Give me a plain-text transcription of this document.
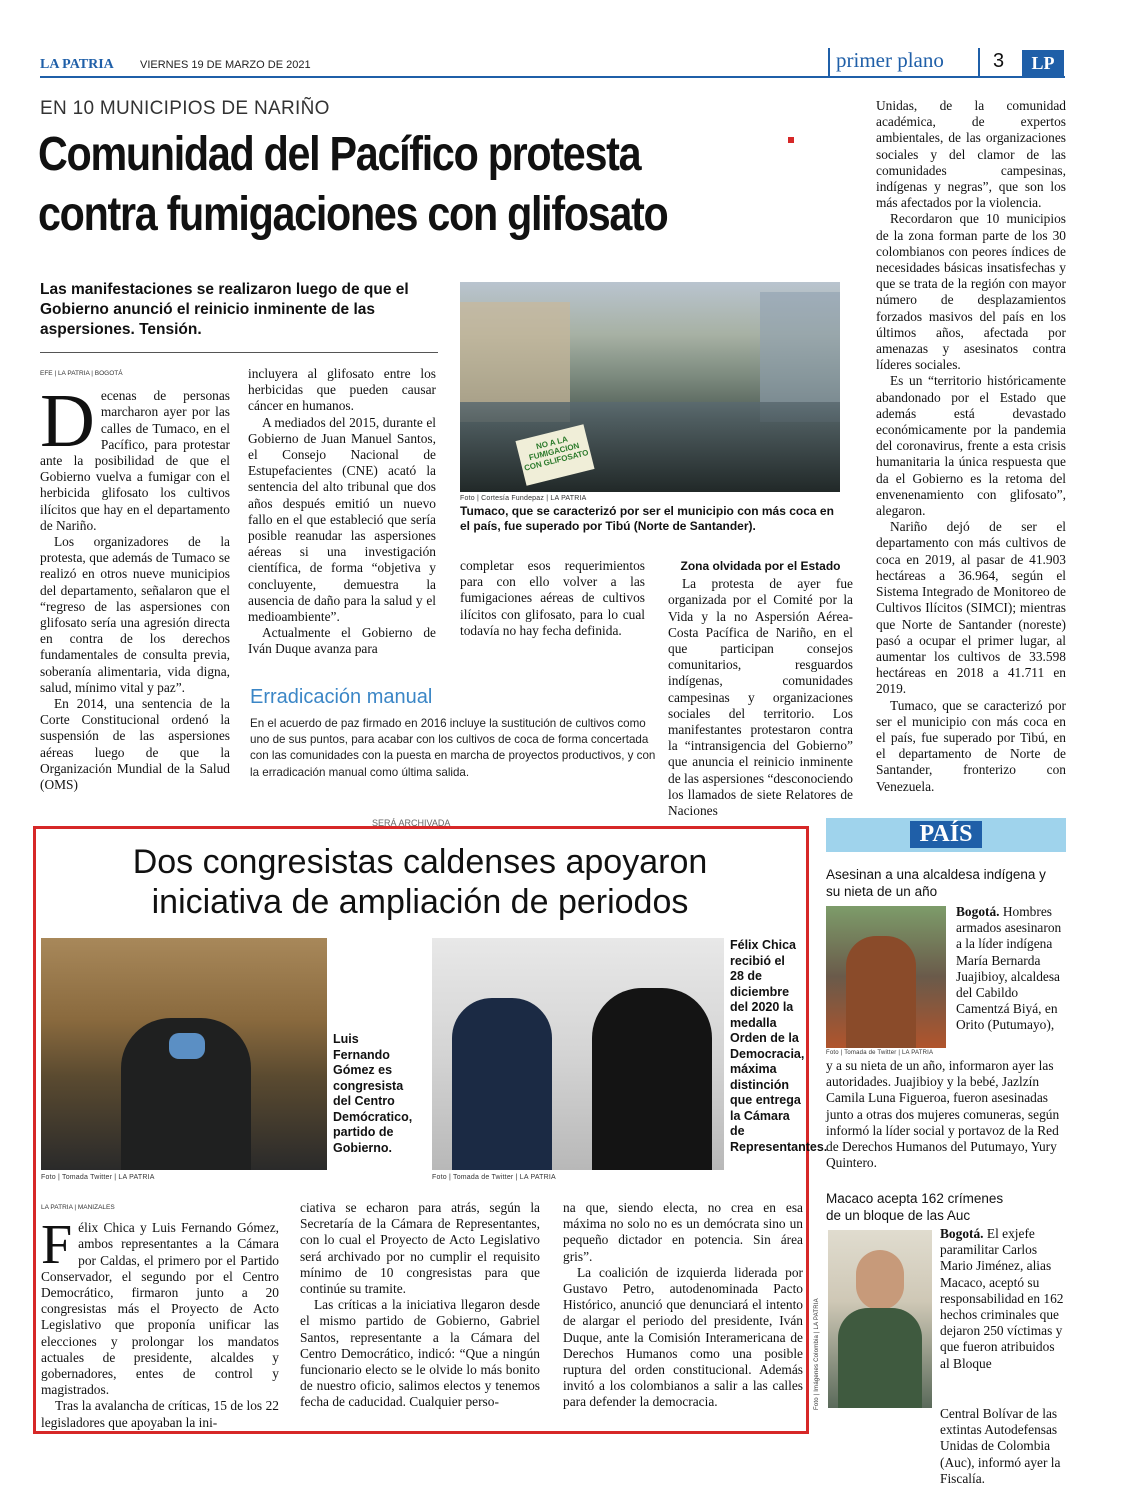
LA PATRIA VIERNES 19 DE MARZO DE 2021	primer plano 3	LP
EN 10 MUNICIPIOS DE NARIÑO
Comunidad del Pacífico protesta
contra fumigaciones con glifosato
Las manifestaciones se realizaron luego de que el Gobierno anunció el reinicio inminente de las aspersiones. Tensión.
EFE | LA PATRIA | BOGOTÁ
D ecenas de personas marcharon ayer por las calles de Tumaco, en el Pacífico, para protestar ante la posibilidad de que el Gobierno vuelva a fumigar con el herbicida glifosato los cultivos ilícitos que hay en el departamento de Nariño.

Los organizadores de la protesta, que además de Tumaco se realizó en otros nueve municipios del departamento, señalaron que el “regreso de las aspersiones con glifosato sería una agresión directa en contra de los derechos fundamentales de consulta previa, soberanía alimentaria, vida digna, salud, mínimo vital y paz”.

En 2014, una sentencia de la Corte Constitucional ordenó la suspensión de las aspersiones aéreas luego de que la Organización Mundial de la Salud (OMS)

incluyera al glifosato entre los herbicidas que pueden causar cáncer en humanos.

A mediados del 2015, durante el Gobierno de Juan Manuel Santos, el Consejo Nacional de Estupefacientes (CNE) acató la sentencia del alto tribunal que dos años después emitió un nuevo fallo en el que estableció que sería posible reanudar las aspersiones aéreas si una investigación científica, de forma “objetiva y concluyente, demuestra la ausencia de daño para la salud y el medioambiente”.

Actualmente el Gobierno de Iván Duque avanza para

NO A LA FUMIGACION CON GLIFOSATO
Foto | Cortesía Fundepaz | LA PATRIA
Tumaco, que se caracterizó por ser el municipio con más coca en el país, fue superado por Tibú (Norte de Santander).

completar esos requerimientos para con ello volver a las fumigaciones aéreas de cultivos ilícitos con glifosato, para lo cual todavía no hay fecha definida.

Zona olvidada por el Estado

La protesta de ayer fue organizada por el Comité por la Vida y la no Aspersión Aérea-Costa Pacífica de Nariño, en el que participan consejos comunitarios, resguardos indígenas, comunidades campesinas y organizaciones sociales del territorio. Los manifestantes protestaron contra la “intransigencia del Gobierno” que anuncia el reinicio inminente de las aspersiones “desconociendo los llamados de siete Relatores de Naciones

Erradicación manual
En el acuerdo de paz firmado en 2016 incluye la sustitución de cultivos como uno de sus puntos, para acabar con los cultivos de coca de forma concertada con las comunidades con la puesta en marcha de proyectos productivos, y con la erradicación manual como última salida.

Unidas, de la comunidad académica, de expertos ambientales, de las organizaciones sociales y del clamor de las comunidades campesinas, indígenas y negras”, que son los más afectados por la violencia.

Recordaron que 10 municipios de la zona forman parte de los 30 colombianos con peores índices de necesidades básicas insatisfechas y que se trata de la región con mayor número de desplazamientos forzados masivos del país en los últimos años, afectada por amenazas y asesinatos contra líderes sociales.

Es un “territorio históricamente abandonado por el Estado que además está devastado económicamente por la pandemia del coronavirus, frente a esta crisis humanitaria la única respuesta que da el Gobierno es la retoma del envenenamiento con glifosato”, alegaron.

Nariño dejó de ser el departamento con más cultivos de coca en 2019, al pasar de 41.903 hectáreas a 36.964, según el Sistema Integrado de Monitoreo de Cultivos Ilícitos (SIMCI); mientras que Norte de Santander (noreste) pasó a ocupar el primer lugar, al aumentar los cultivos de 33.598 hectáreas en 2018 a 41.711 en 2019.

Tumaco, que se caracterizó por ser el municipio con más coca en el país, fue superado por Tibú, en el departamento de Norte de Santander, fronterizo con Venezuela.

SERÁ ARCHIVADA
Dos congresistas caldenses apoyaron
iniciativa de ampliación de periodos
Foto | Tomada Twitter | LA PATRIA
Luis Fernando Gómez es congresista del Centro Demócratico, partido de Gobierno.
Foto | Tomada de Twitter | LA PATRIA
Félix Chica recibió el 28 de diciembre del 2020 la medalla Orden de la Democracia, máxima distinción que entrega la Cámara de Representantes.
LA PATRIA | MANIZALES
F élix Chica y Luis Fernando Gómez, ambos representantes a la Cámara por Caldas, el primero por el Partido Conservador, el segundo por el Centro Democrático, firmaron junto a 20 congresistas más el Proyecto de Acto Legislativo que proponía unificar las elecciones y prolongar los mandatos actuales de presidente, alcaldes y gobernadores, entes de control y magistrados.

Tras la avalancha de críticas, 15 de los 22 legisladores que apoyaban la ini-

ciativa se echaron para atrás, según la Secretaría de la Cámara de Representantes, con lo cual el Proyecto de Acto Legislativo será archivado por no cumplir el requisito mínimo de 10 congresistas para que continúe su tramite.

Las críticas a la iniciativa llegaron desde el mismo partido de Gobierno, Gabriel Santos, representante a la Cámara del Centro Democrático, indicó: “Que a ningún funcionario electo se le olvide lo más bonito de nuestro oficio, salimos electos y tenemos fecha de caducidad. Cualquier perso-

na que, siendo electa, no crea en esa máxima no solo no es un demócrata sino un pequeño dictador en potencia. Sin área gris”.

La coalición de izquierda liderada por Gustavo Petro, autodenominada Pacto Histórico, anunció que denunciará el intento de alargar el periodo del presidente, Iván Duque, ante la Comisión Interamericana de Derechos Humanos como una posible ruptura del orden constitucional. Además invitó a los colombianos a salir a las calles para defender la democracia.

PAÍS
Asesinan a una alcaldesa indígena y su nieta de un año
Bogotá. Hombres armados asesinaron a la líder indígena María Bernarda Juajibioy, alcaldesa del Cabildo Camentzá Biyá, en Orito (Putumayo),
Foto | Tomada de Twitter | LA PATRIA
y a su nieta de un año, informaron ayer las autoridades. Juajibioy y la bebé, Jazlzín Camila Luna Figueroa, fueron asesinadas junto a otras dos mujeres comuneras, según informó la líder social y portavoz de la Red de Derechos Humanos del Putumayo, Yury Quintero.
Macaco acepta 162 crímenes de un bloque de las Auc
Foto | Imágenes Colombia | LA PATRIA
Bogotá. El exjefe paramilitar Carlos Mario Jiménez, alias Macaco, aceptó su responsabilidad en 162 hechos criminales que dejaron 250 víctimas y que fueron atribuidos al Bloque
Central Bolívar de las extintas Autodefensas Unidas de Colombia (Auc), informó ayer la Fiscalía.
